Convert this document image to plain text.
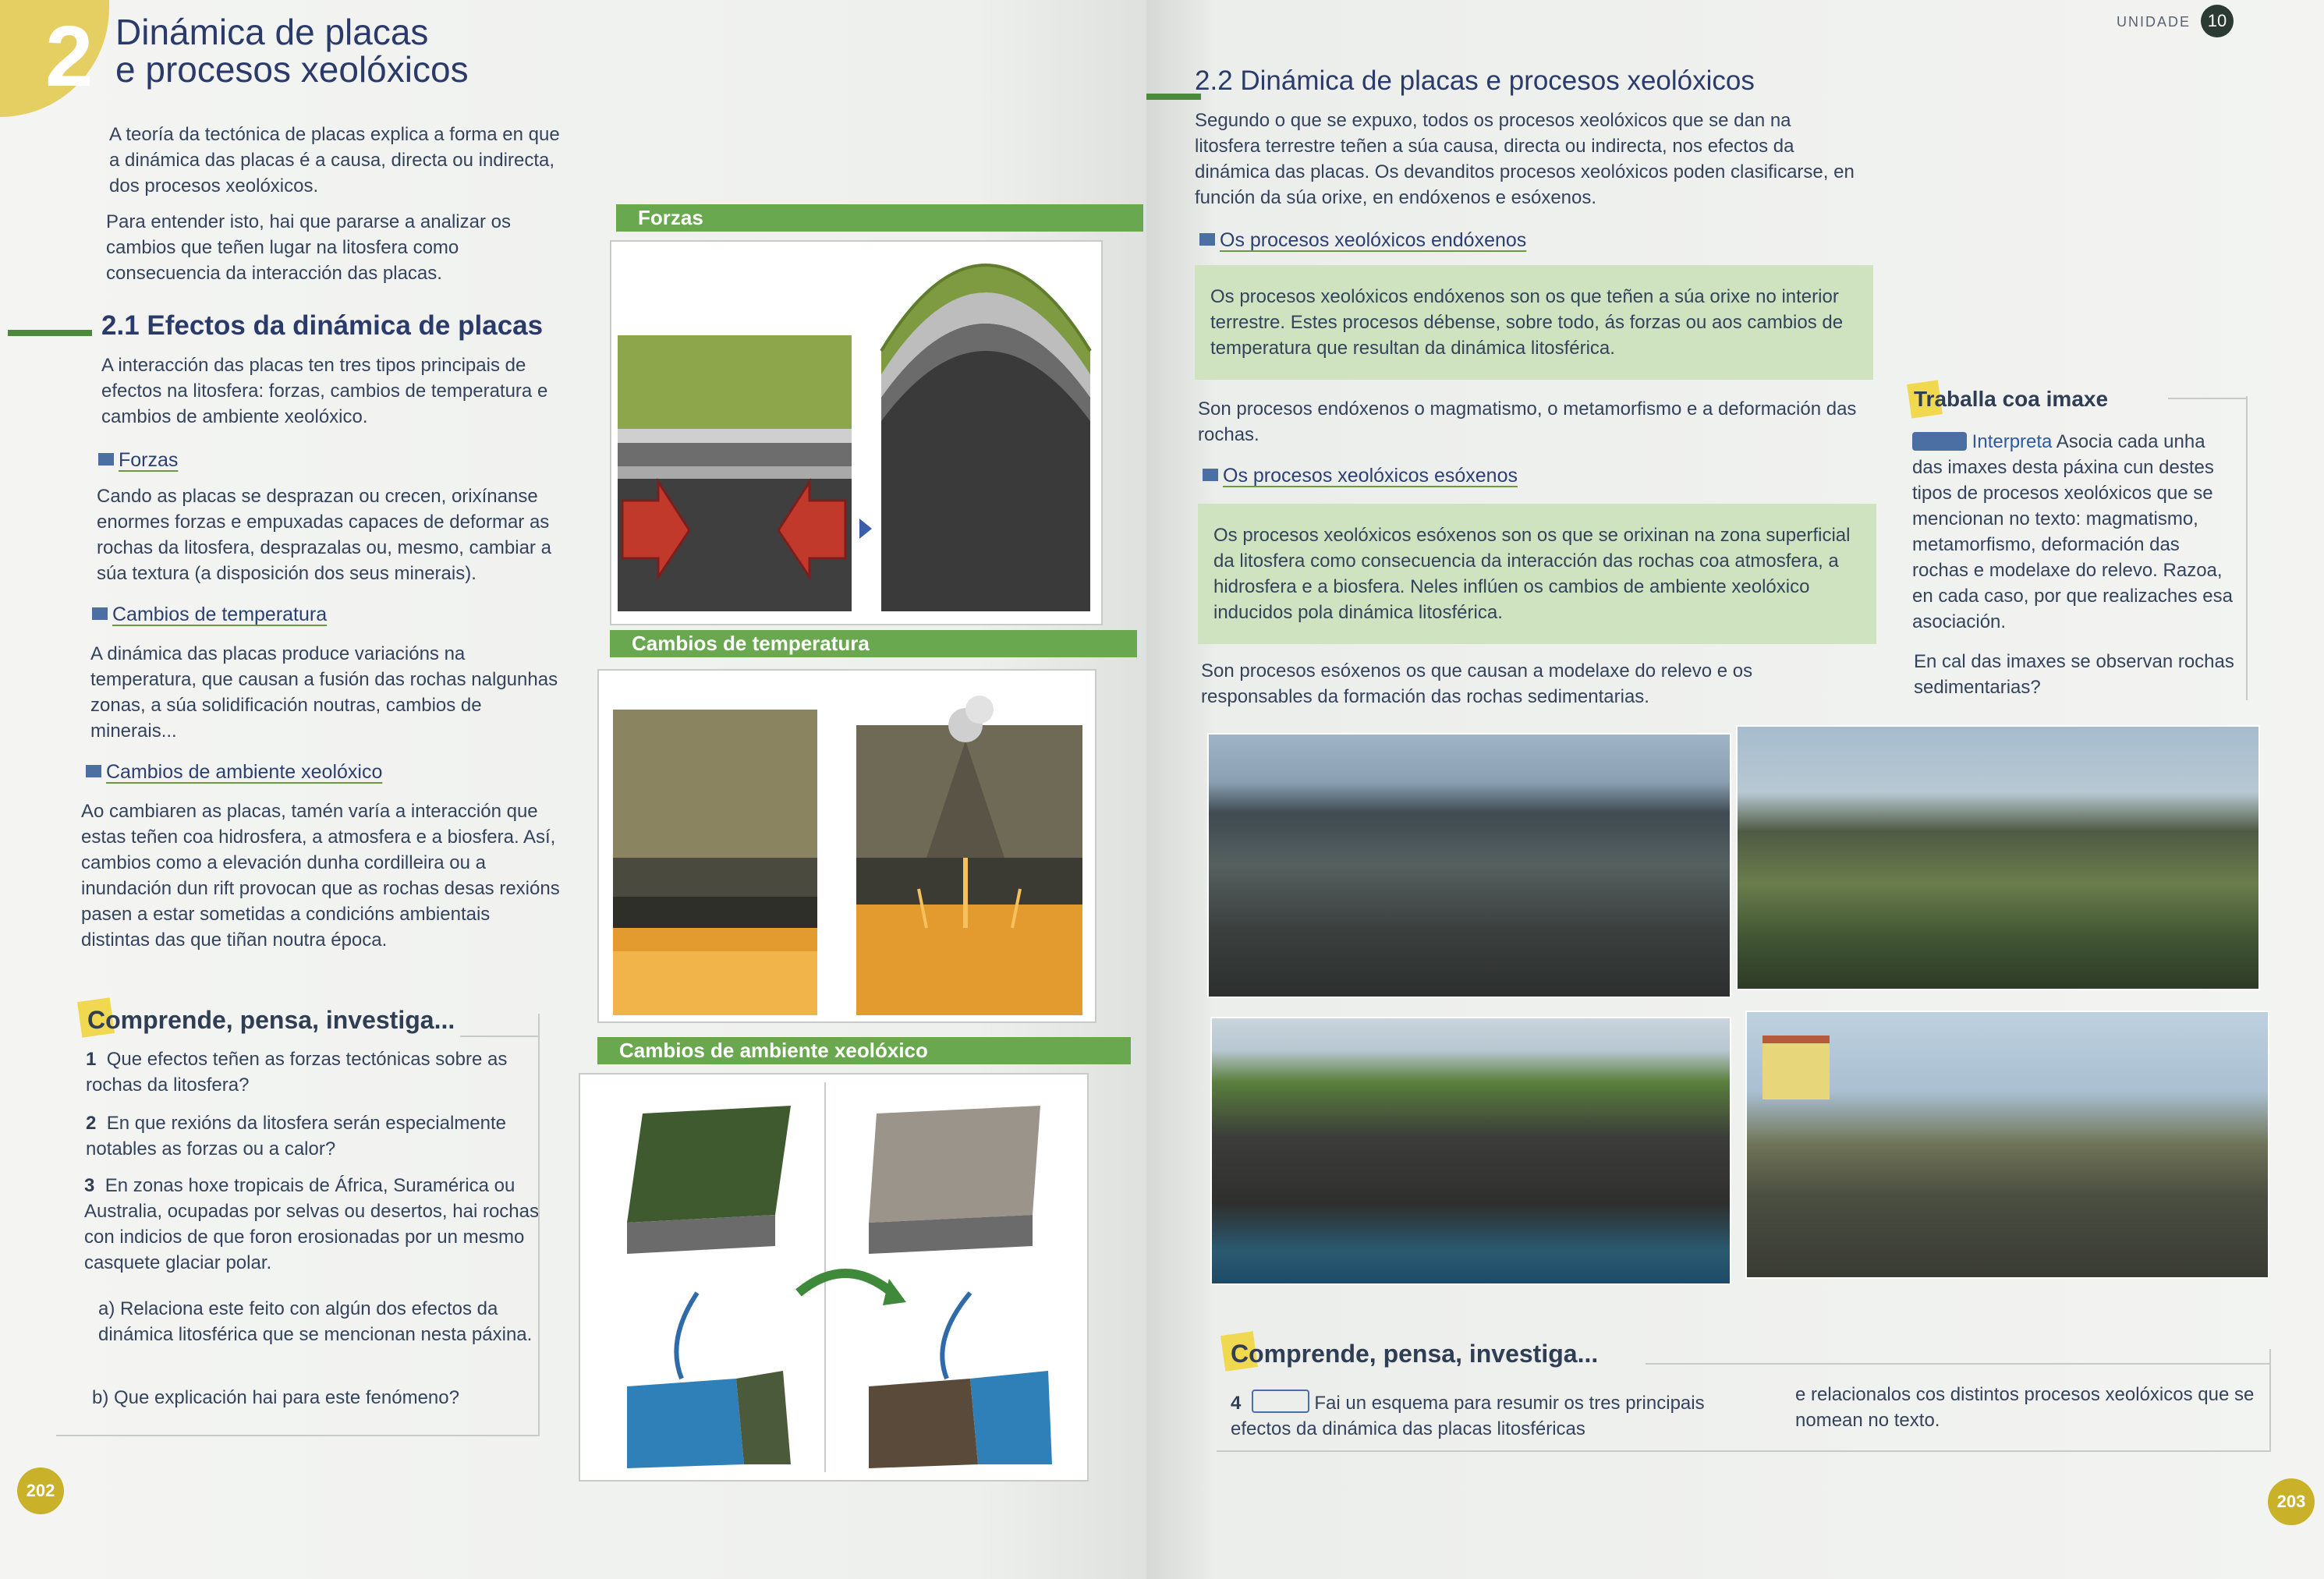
2 Dinámica de placas
e procesos xeolóxicos
A teoría da tectónica de placas explica a forma en que a dinámica das placas é a causa, directa ou indirecta, dos procesos xeolóxicos.
Para entender isto, hai que pararse a analizar os cambios que teñen lugar na litosfera como consecuencia da interacción das placas.
2.1 Efectos da dinámica de placas
A interacción das placas ten tres tipos principais de efectos na litosfera: forzas, cambios de temperatura e cambios de ambiente xeolóxico.
Forzas
Cando as placas se desprazan ou crecen, orixínanse enormes forzas e empuxadas capaces de deformar as rochas da litosfera, desprazalas ou, mesmo, cambiar a súa textura (a disposición dos seus minerais).
Cambios de temperatura
A dinámica das placas produce variacións na temperatura, que causan a fusión das rochas nalgunhas zonas, a súa solidificación noutras, cambios de minerais...
Cambios de ambiente xeolóxico
Ao cambiaren as placas, tamén varía a interacción que estas teñen coa hidrosfera, a atmosfera e a biosfera. Así, cambios como a elevación dunha cordilleira ou a inundación dun rift provocan que as rochas desas rexións pasen a estar sometidas a condicións ambientais distintas das que tiñan noutra época.
Comprende, pensa, investiga...
1 Que efectos teñen as forzas tectónicas sobre as rochas da litosfera?
2 En que rexións da litosfera serán especialmente notables as forzas ou a calor?
3 En zonas hoxe tropicais de África, Suramérica ou Australia, ocupadas por selvas ou desertos, hai rochas con indicios de que foron erosionadas por un mesmo casquete glaciar polar.
a) Relaciona este feito con algún dos efectos da dinámica litosférica que se mencionan nesta páxina.
b) Que explicación hai para este fenómeno?
202
Forzas
Cambios de temperatura
Cambios de ambiente xeolóxico
UNIDADE 10
2.2 Dinámica de placas e procesos xeolóxicos
Segundo o que se expuxo, todos os procesos xeolóxicos que se dan na litosfera terrestre teñen a súa causa, directa ou indirecta, nos efectos da dinámica das placas. Os devanditos procesos xeolóxicos poden clasificarse, en función da súa orixe, en endóxenos e esóxenos.
Os procesos xeolóxicos endóxenos
Os procesos xeolóxicos endóxenos son os que teñen a súa orixe no interior terrestre. Estes procesos débense, sobre todo, ás forzas ou aos cambios de temperatura que resultan da dinámica litosférica.
Son procesos endóxenos o magmatismo, o metamorfismo e a deformación das rochas.
Os procesos xeolóxicos esóxenos
Os procesos xeolóxicos esóxenos son os que se orixinan na zona superficial da litosfera como consecuencia da interacción das rochas coa atmosfera, a hidrosfera e a biosfera. Neles inflúen os cambios de ambiente xeolóxico inducidos pola dinámica litosférica.
Son procesos esóxenos os que causan a modelaxe do relevo e os responsables da formación das rochas sedimentarias.
Traballa coa imaxe
Interpreta Asocia cada unha das imaxes desta páxina cun destes tipos de procesos xeolóxicos que se mencionan no texto: magmatismo, metamorfismo, deformación das rochas e modelaxe do relevo. Razoa, en cada caso, por que realizaches esa asociación.
En cal das imaxes se observan rochas sedimentarias?
Comprende, pensa, investiga...
4	Fai un esquema para resumir os tres principais efectos da dinámica das placas litosféricas
e relacionalos cos distintos procesos xeolóxicos que se nomean no texto.
203
